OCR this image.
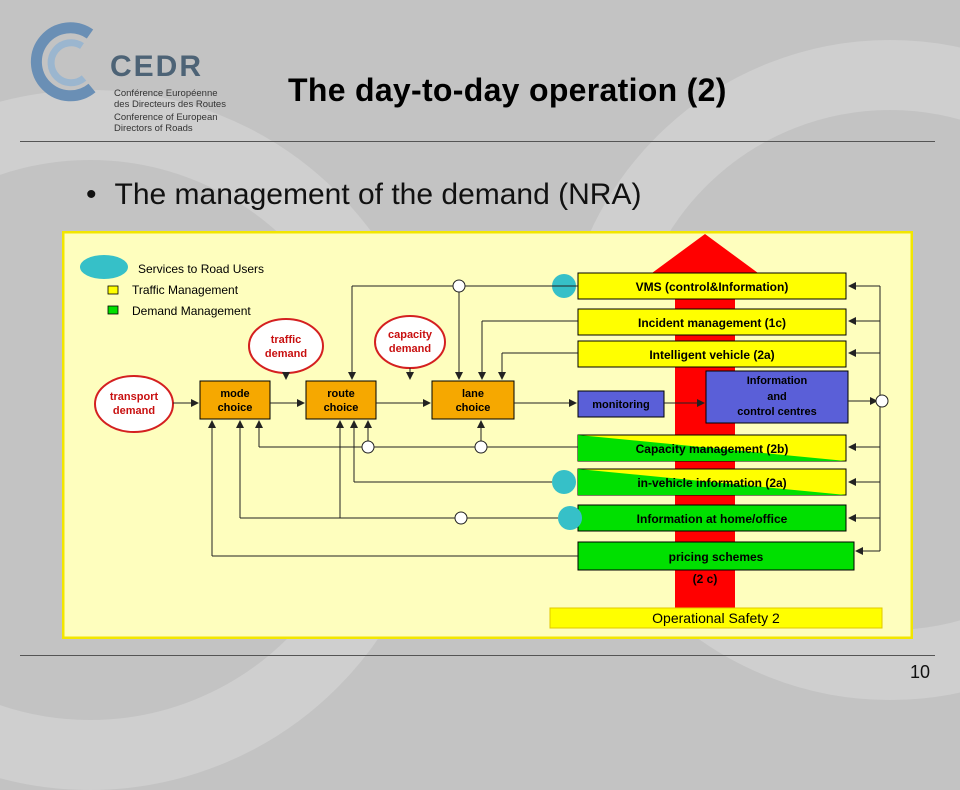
CEDR
Conférence Européenne
des Directeurs des Routes
Conference of European
Directors of Roads
The day-to-day operation (2)
• The management of the demand (NRA)
(2 c)
Services to Road Users
Traffic Management
Demand Management
transport
demand
traffic
demand
capacity
demand
mode
choice
route
choice
lane
choice	monitoring
Information
and
control centres
VMS (control&Information)
Incident management (1c)
Intelligent vehicle (2a)
Capacity management (2b)
in-vehicle information (2a)
Information at home/office
pricing schemes
Operational Safety 2
10
